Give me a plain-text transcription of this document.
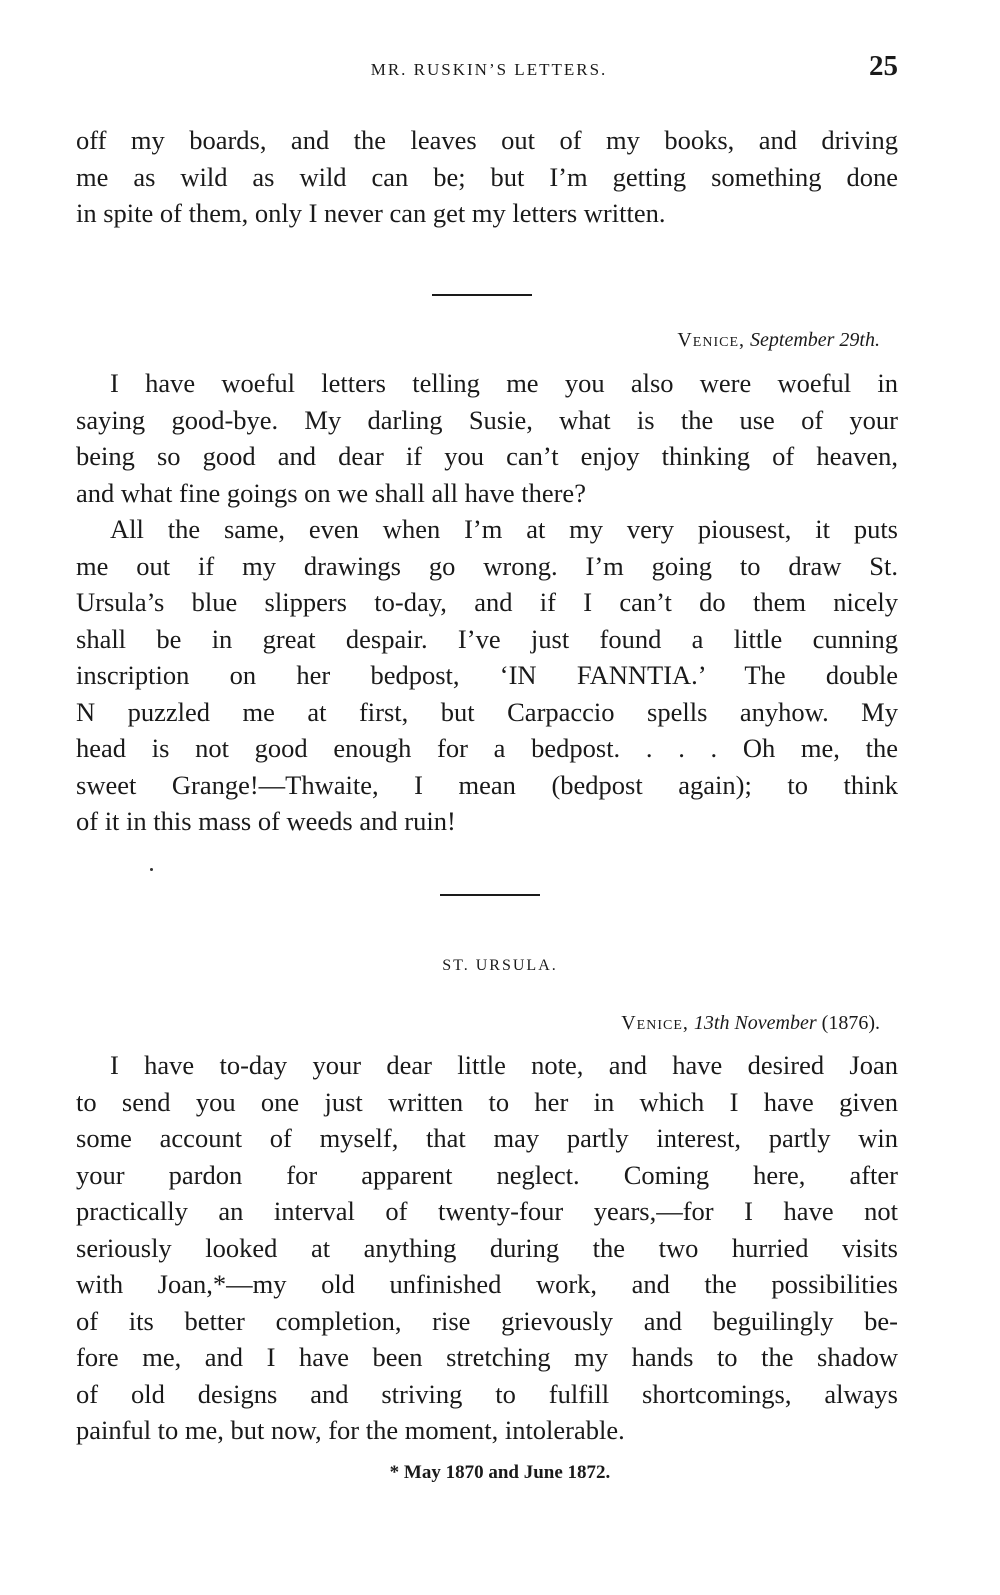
MR. RUSKIN’S LETTERS.	25
off my boards, and the leaves out of my books, and driving
me as wild as wild can be; but I’m getting something done
in spite of them, only I never can get my letters written.
Venice, September 29th.
I have woeful letters telling me you also were woeful in
saying good-bye. My darling Susie, what is the use of your
being so good and dear if you can’t enjoy thinking of heaven,
and what fine goings on we shall all have there?
All the same, even when I’m at my very piousest, it puts
me out if my drawings go wrong. I’m going to draw St.
Ursula’s blue slippers to-day, and if I can’t do them nicely
shall be in great despair. I’ve just found a little cunning
inscription on her bedpost, ‘IN FANNTIA.’ The double
N puzzled me at first, but Carpaccio spells anyhow. My
head is not good enough for a bedpost. . . . Oh me, the
sweet Grange!—Thwaite, I mean (bedpost again); to think
of it in this mass of weeds and ruin!
ST. URSULA.
Venice, 13th November (1876).
I have to-day your dear little note, and have desired Joan
to send you one just written to her in which I have given
some account of myself, that may partly interest, partly win
your pardon for apparent neglect. Coming here, after
practically an interval of twenty-four years,—for I have not
seriously looked at anything during the two hurried visits
with Joan,*—my old unfinished work, and the possibilities
of its better completion, rise grievously and beguilingly be-
fore me, and I have been stretching my hands to the shadow
of old designs and striving to fulfill shortcomings, always
painful to me, but now, for the moment, intolerable.
* May 1870 and June 1872.
